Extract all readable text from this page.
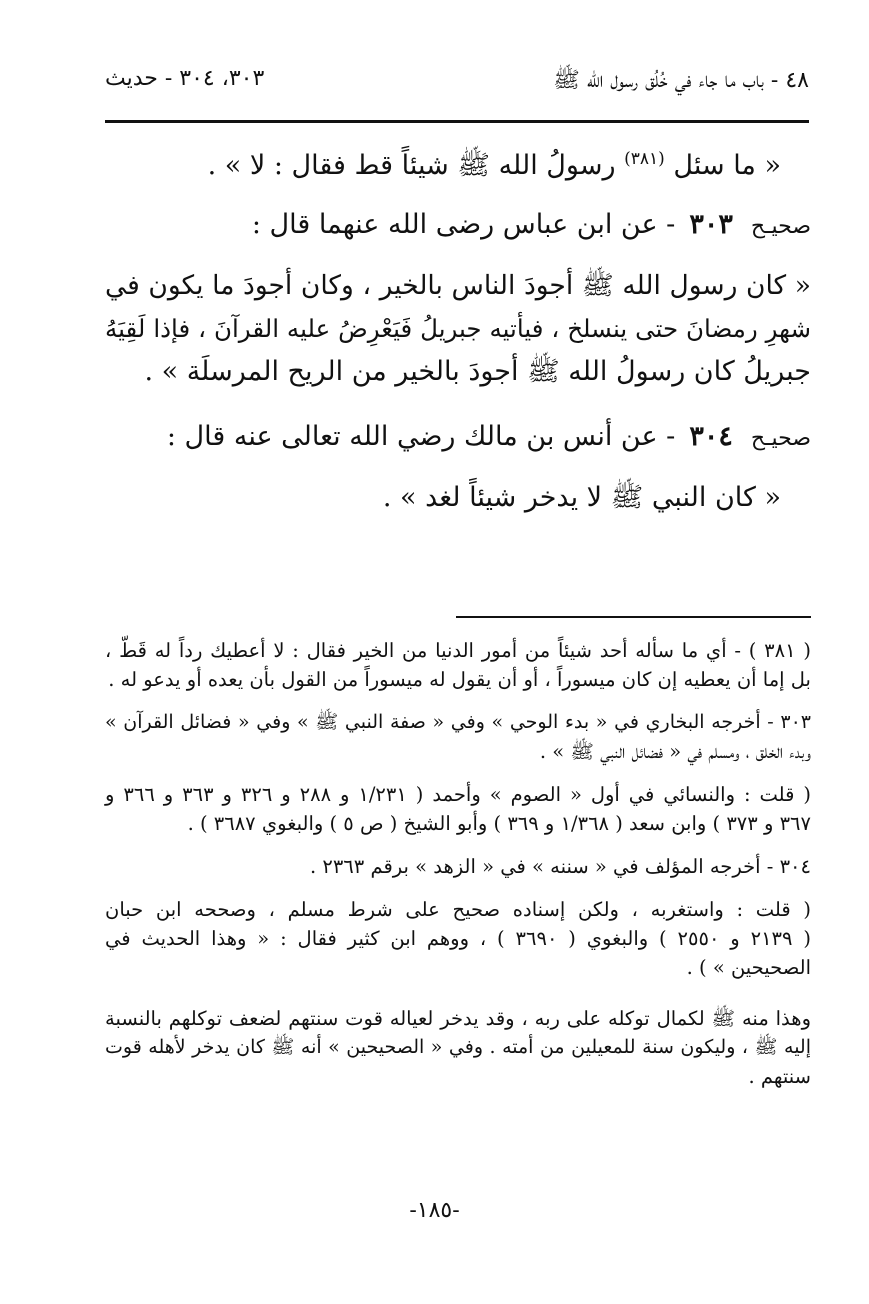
٤٨ - باب ما جاء في خُلُق رسول الله ﷺ
٣٠٣، ٣٠٤ - حديث
« ما سئل $^{(٣٨١)}$ رسولُ الله ﷺ شيئاً قط فقال : لا » .
صحيـح٣٠٣- عن ابن عباس رضى الله عنهما قال :
« كان رسول الله ﷺ أجودَ الناس بالخير ، وكان أجودَ ما يكون في
شهرِ رمضانَ حتى ينسلخ ، فيأتيه جبريلُ فَيَعْرِضُ عليه القرآنَ ، فإذا لَقِيَهُ
جبريلُ كان رسولُ الله ﷺ أجودَ بالخير من الريح المرسلَة » .
صحيـح٣٠٤- عن أنس بن مالك رضي الله تعالى عنه قال :
« كان النبي ﷺ لا يدخر شيئاً لغد » .
( ٣٨١ ) - أي ما سأله أحد شيئاً من أمور الدنيا من الخير فقال : لا أعطيك رداً له قَطّ ،
بل إما أن يعطيه إن كان ميسوراً ، أو أن يقول له ميسوراً من القول بأن يعده أو يدعو له .
٣٠٣ - أخرجه البخاري في « بدء الوحي » وفي « صفة النبي ﷺ » وفي « فضائل القرآن »
وبدء الخلق ، ومسلم في « فضائل النبي ﷺ » .
( قلت : والنسائي في أول « الصوم » وأحمد ( ١/٢٣١ و ٢٨٨ و ٣٢٦ و ٣٦٣ و ٣٦٦ و
٣٦٧ و ٣٧٣ ) وابن سعد ( ١/٣٦٨ و ٣٦٩ ) وأبو الشيخ ( ص ٥ ) والبغوي ٣٦٨٧ ) .
٣٠٤ - أخرجه المؤلف في « سننه » في « الزهد » برقم ٢٣٦٣ .
( قلت : واستغربه ، ولكن إسناده صحيح على شرط مسلم ، وصححه ابن حبان
( ٢١٣٩ و ٢٥٥٠ ) والبغوي ( ٣٦٩٠ ) ، ووهم ابن كثير فقال : « وهذا الحديث في
الصحيحين » ) .
وهذا منه ﷺ لكمال توكله على ربه ، وقد يدخر لعياله قوت سنتهم لضعف توكلهم بالنسبة
إليه ﷺ ، وليكون سنة للمعيلين من أمته . وفي « الصحيحين » أنه ﷺ كان يدخر لأهله قوت
سنتهم .
-١٨٥-
